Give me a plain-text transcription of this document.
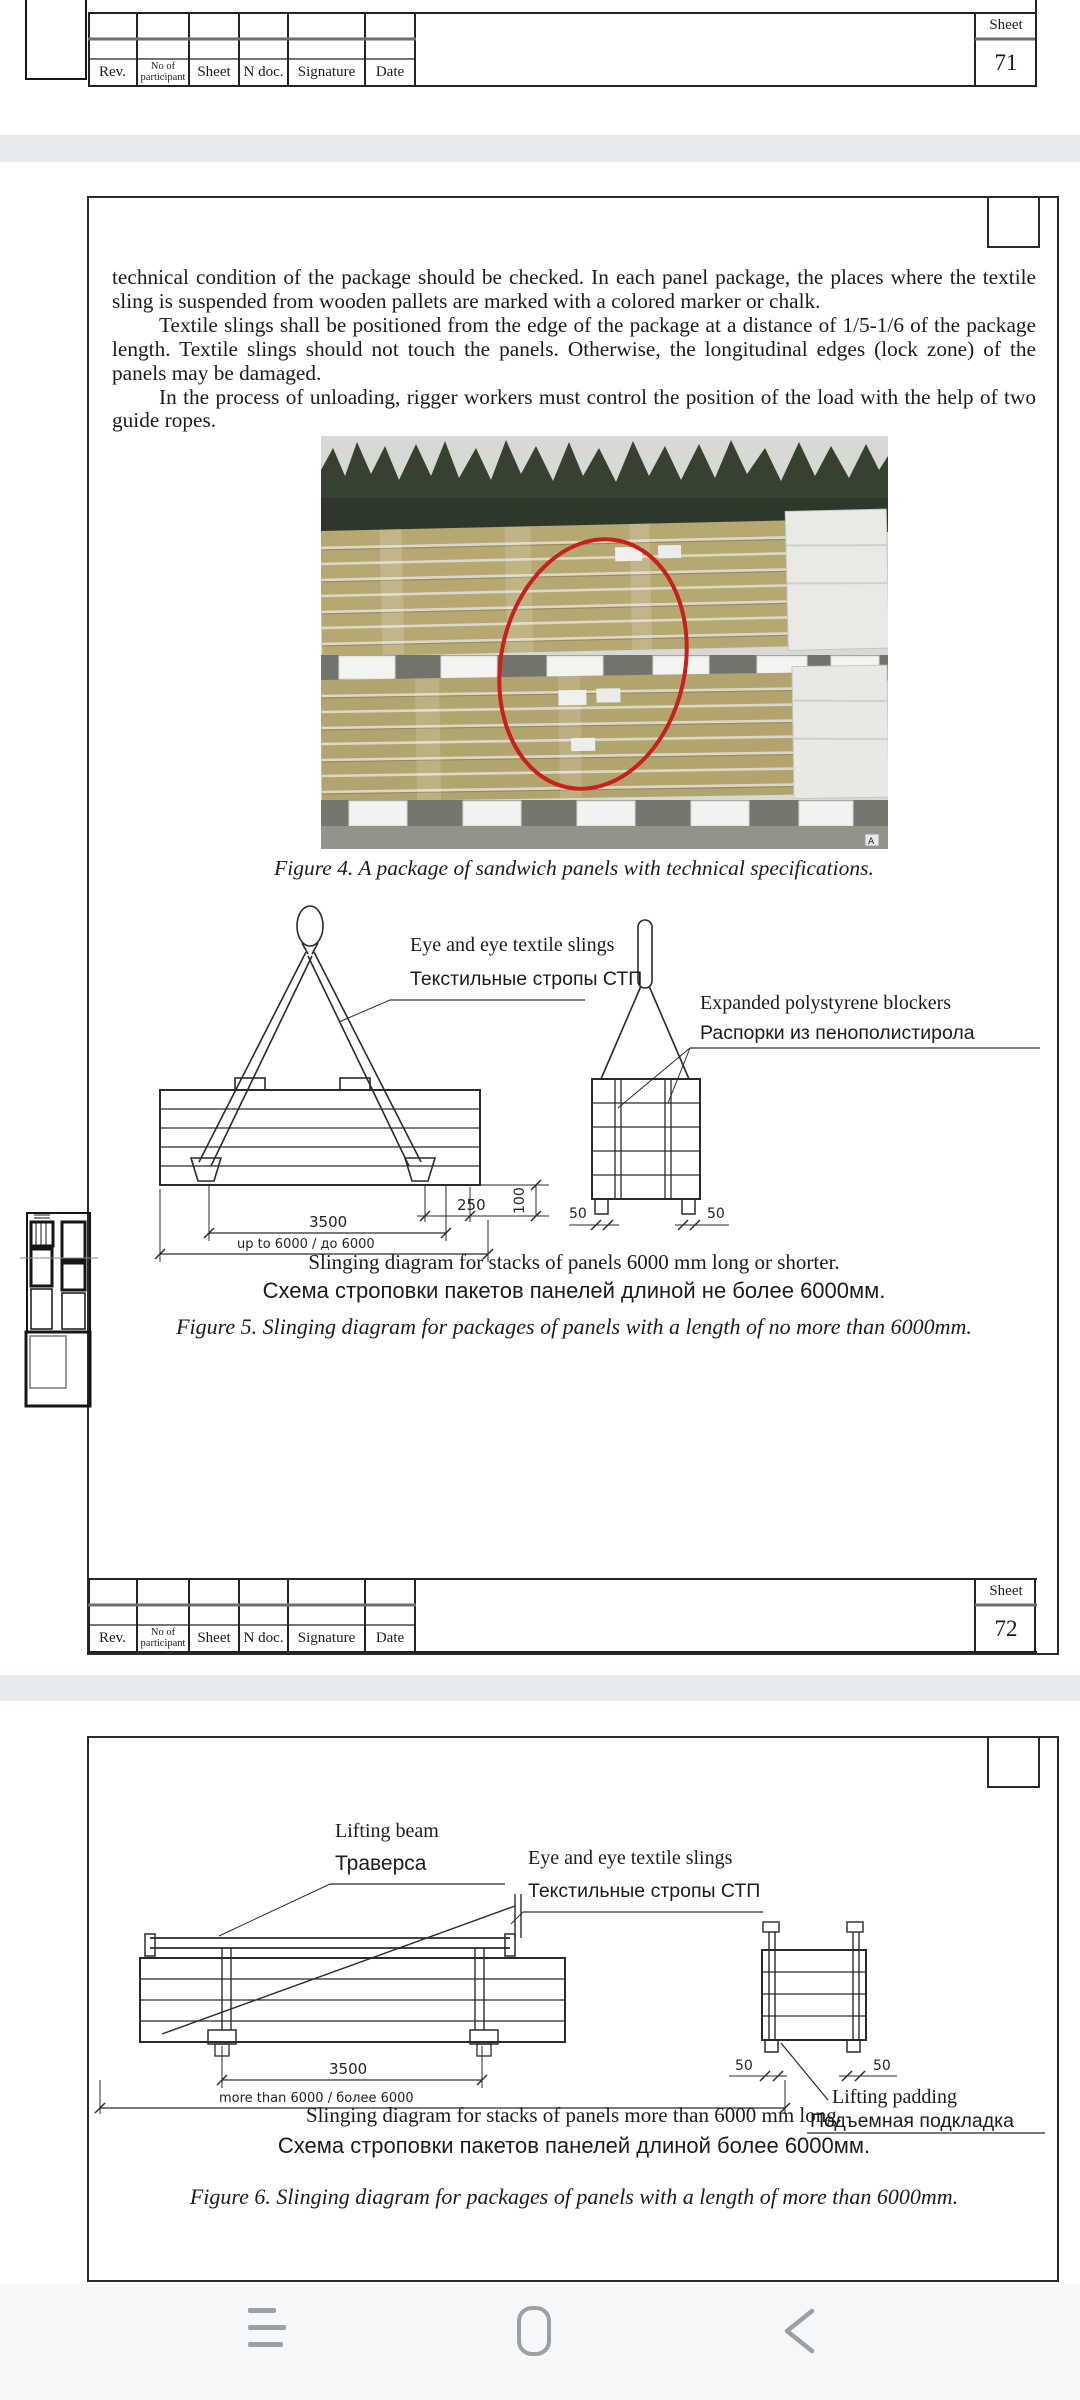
Rev.	No of participant Sheet N doc. Signature	Date
Sheet
71

technical condition of the package should be checked. In each panel package, the places where the textile sling is suspended from wooden pallets are marked with a colored marker or chalk.

Textile slings shall be positioned from the edge of the package at a distance of 1/5-1/6 of the package length. Textile slings should not touch the panels. Otherwise, the longitudinal edges (lock zone) of the panels may be damaged.

In the process of unloading, rigger workers must control the position of the load with the help of two guide ropes.

A
Figure 4. A package of sandwich panels with technical specifications.
250 100
3500
up to 6000 / до 6000
50	50
Eye and eye textile slings
Текстильные стропы СТП
Expanded polystyrene blockers
Распорки из пенополистирола
Slinging diagram for stacks of panels 6000 mm long or shorter.
Схема строповки пакетов панелей длиной не более 6000мм.
Figure 5. Slinging diagram for packages of panels with a length of no more than 6000mm.
Rev.	No of participant Sheet N doc. Signature	Date
Sheet
72
3500
more than 6000 / более 6000
50	50
Lifting beam
Траверса	Eye and eye textile slings
Текстильные стропы СТП
Lifting padding
Подъемная подкладка
Slinging diagram for stacks of panels more than 6000 mm long.
Схема строповки пакетов панелей длиной более 6000мм.
Figure 6. Slinging diagram for packages of panels with a length of more than 6000mm.
